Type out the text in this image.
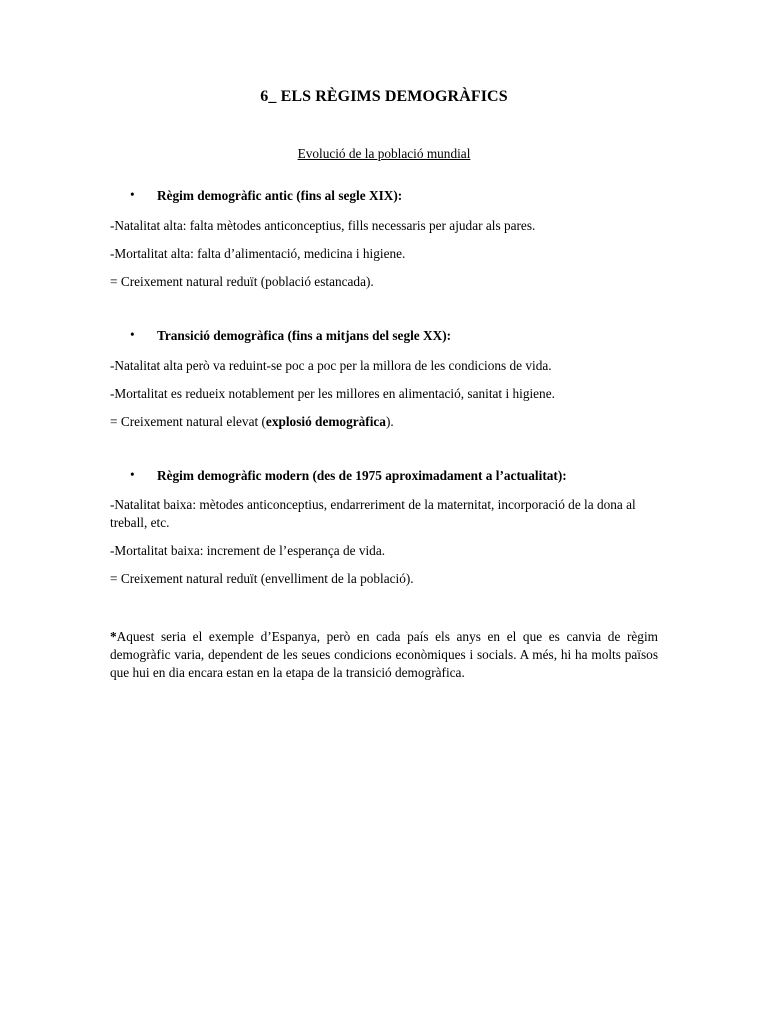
6_ ELS RÈGIMS DEMOGRÀFICS
Evolució de la població mundial
• Règim demogràfic antic (fins al segle XIX):

-Natalitat alta: falta mètodes anticonceptius, fills necessaris per ajudar als pares.

-Mortalitat alta: falta d’alimentació, medicina i higiene.

= Creixement natural reduït (població estancada).

• Transició demogràfica (fins a mitjans del segle XX):

-Natalitat alta però va reduint-se poc a poc per la millora de les condicions de vida.

-Mortalitat es redueix notablement per les millores en alimentació, sanitat i higiene.

= Creixement natural elevat (explosió demogràfica).

• Règim demogràfic modern (des de 1975 aproximadament a l’actualitat):

-Natalitat baixa: mètodes anticonceptius, endarreriment de la maternitat, incorporació de la dona al treball, etc.

-Mortalitat baixa: increment de l’esperança de vida.

= Creixement natural reduït (envelliment de la població).

*Aquest seria el exemple d’Espanya, però en cada país els anys en el que es canvia de règim demogràfic varia, dependent de les seues condicions econòmiques i socials. A més, hi ha molts països que hui en dia encara estan en la etapa de la transició demogràfica.
